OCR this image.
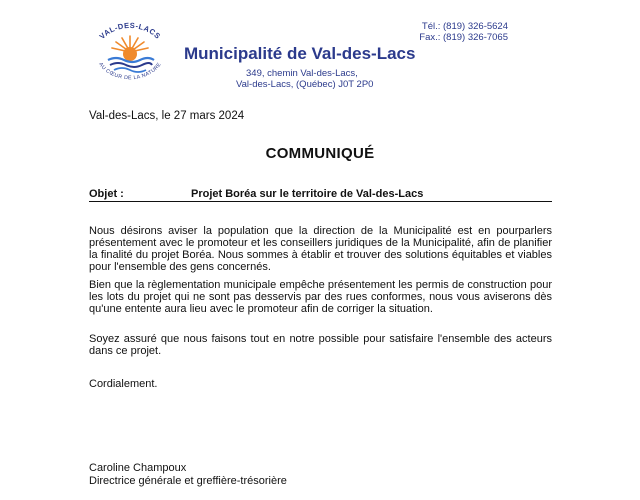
VAL-DES-LACS
AU CŒUR DE LA NATURE
Tél.: (819) 326-5624
Fax.: (819) 326-7065
Municipalité de Val-des-Lacs
349, chemin Val-des-Lacs,
Val-des-Lacs, (Québec) J0T 2P0
Val-des-Lacs, le 27 mars 2024
COMMUNIQUÉ
Objet :	Projet Boréa sur le territoire de Val-des-Lacs
Nous désirons aviser la population que la direction de la Municipalité est en pourparlers présentement avec le promoteur et les conseillers juridiques de la Municipalité, afin de planifier la finalité du projet Boréa. Nous sommes à établir et trouver des solutions équitables et viables pour l'ensemble des gens concernés.
Bien que la règlementation municipale empêche présentement les permis de construction pour les lots du projet qui ne sont pas desservis par des rues conformes, nous vous aviserons dès qu'une entente aura lieu avec le promoteur afin de corriger la situation.
Soyez assuré que nous faisons tout en notre possible pour satisfaire l'ensemble des acteurs dans ce projet.
Cordialement.
Caroline Champoux
Directrice générale et greffière-trésorière
